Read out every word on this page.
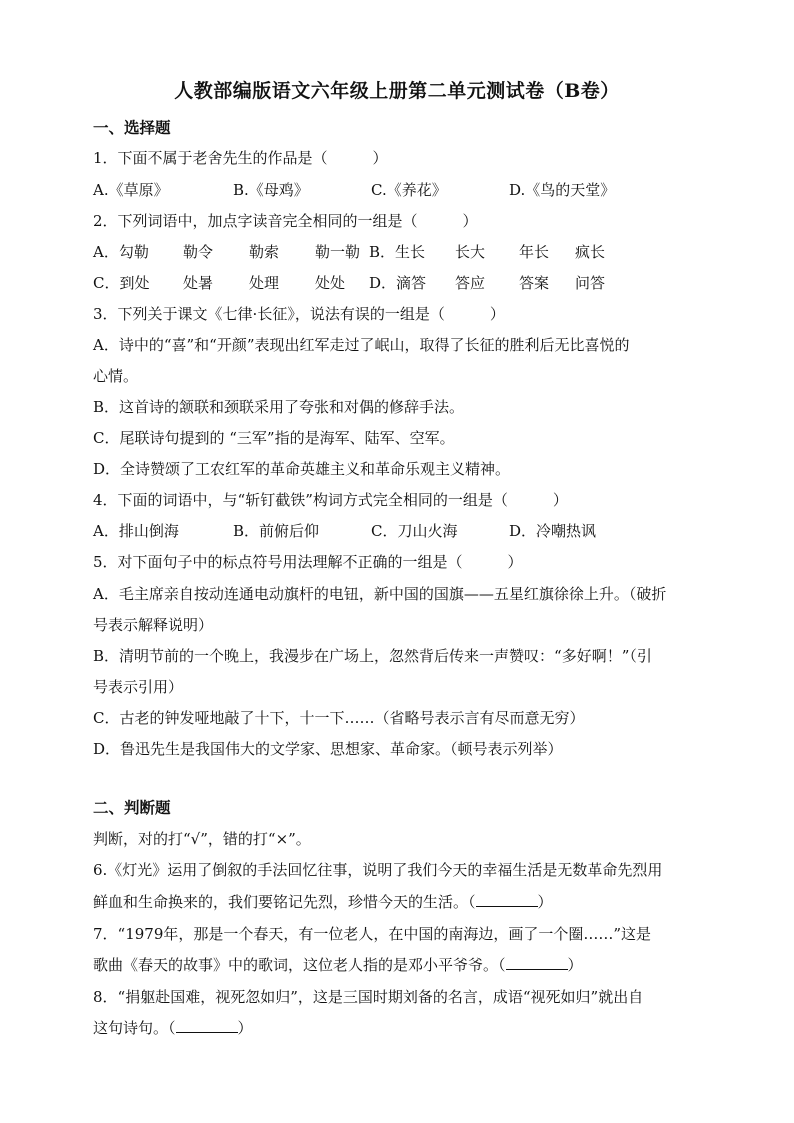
人教部编版语文六年级上册第二单元测试卷（B卷）
一、选择题
1．下面不属于老舍先生的作品是（　　　）
A.《草原》	B.《母鸡》	C.《养花》	D.《鸟的天堂》
2．下列词语中，加点字读音完全相同的一组是（　　　）
A．勾勒 勒令 勒索 勒一勒 B．生长 长大 年长 疯长
C．到处 处暑 处理 处处 D．滴答 答应 答案 问答
3．下列关于课文《七律·长征》，说法有误的一组是（　　　）
A．诗中的“喜”和“开颜”表现出红军走过了岷山，取得了长征的胜利后无比喜悦的
心情。
B．这首诗的颔联和颈联采用了夸张和对偶的修辞手法。
C．尾联诗句提到的 “三军”指的是海军、陆军、空军。
D．全诗赞颂了工农红军的革命英雄主义和革命乐观主义精神。
4．下面的词语中，与“斩钉截铁”构词方式完全相同的一组是（　　　）
A．排山倒海	B．前俯后仰	C．刀山火海	D．冷嘲热讽
5．对下面句子中的标点符号用法理解不正确的一组是（　　　）
A．毛主席亲自按动连通电动旗杆的电钮，新中国的国旗——五星红旗徐徐上升。（破折
号表示解释说明）
B．清明节前的一个晚上，我漫步在广场上，忽然背后传来一声赞叹：“多好啊！”（引
号表示引用）
C．古老的钟发哑地敲了十下，十一下……（省略号表示言有尽而意无穷）
D．鲁迅先生是我国伟大的文学家、思想家、革命家。（顿号表示列举）
二、判断题
判断，对的打“√”，错的打“×”。
6.《灯光》运用了倒叙的手法回忆往事，说明了我们今天的幸福生活是无数革命先烈用
鲜血和生命换来的，我们要铭记先烈，珍惜今天的生活。（	）
7．“1979年，那是一个春天，有一位老人，在中国的南海边，画了一个圈……”这是
歌曲《春天的故事》中的歌词，这位老人指的是邓小平爷爷。（	）
8．“捐躯赴国难，视死忽如归”，这是三国时期刘备的名言，成语“视死如归”就出自
这句诗句。（	）
